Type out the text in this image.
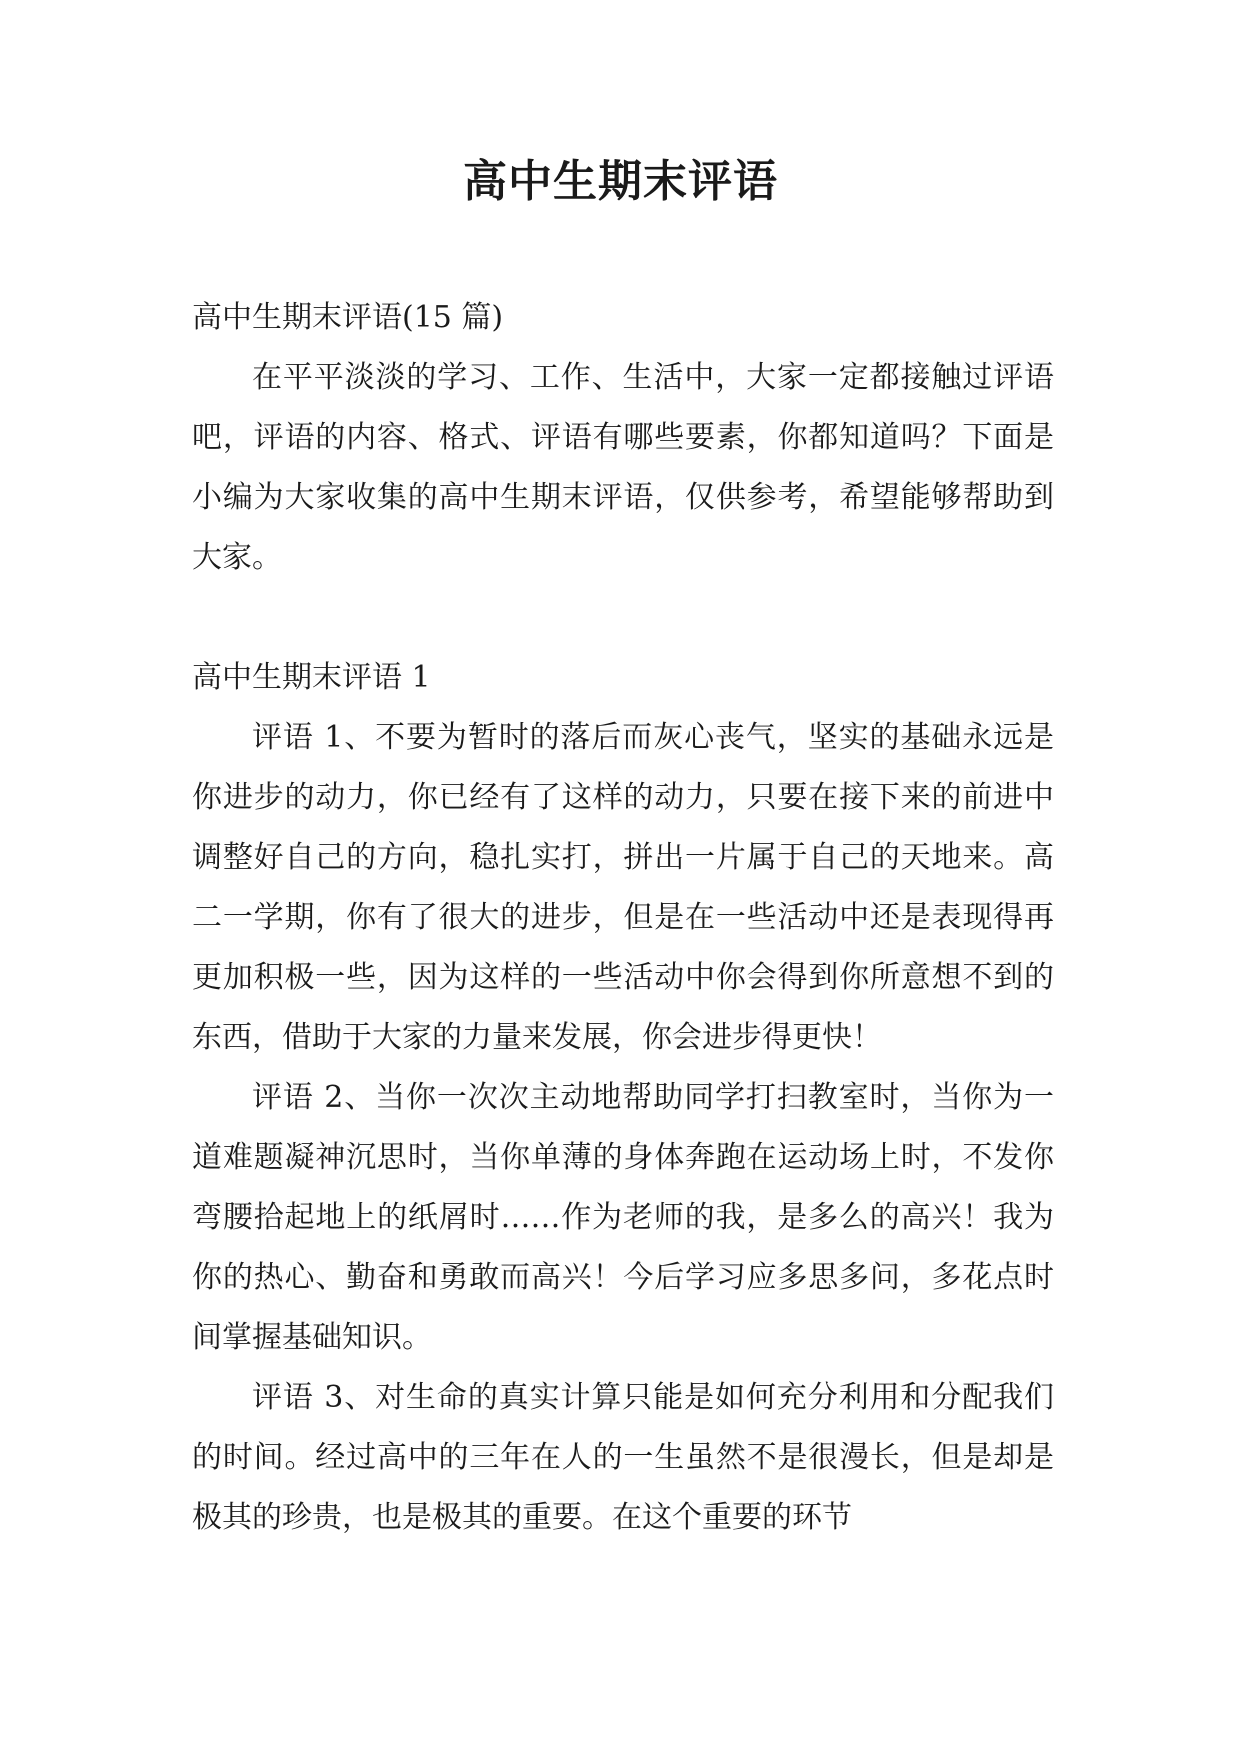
高中生期末评语

高中生期末评语(15 篇)

在平平淡淡的学习、工作、生活中，大家一定都接触过评语吧，评语的内容、格式、评语有哪些要素，你都知道吗？下面是小编为大家收集的高中生期末评语，仅供参考，希望能够帮助到大家。

高中生期末评语 1

评语 1、不要为暂时的落后而灰心丧气，坚实的基础永远是你进步的动力，你已经有了这样的动力，只要在接下来的前进中调整好自己的方向，稳扎实打，拼出一片属于自己的天地来。高二一学期，你有了很大的进步，但是在一些活动中还是表现得再更加积极一些，因为这样的一些活动中你会得到你所意想不到的东西，借助于大家的力量来发展，你会进步得更快！

评语 2、当你一次次主动地帮助同学打扫教室时，当你为一道难题凝神沉思时，当你单薄的身体奔跑在运动场上时，不发你弯腰拾起地上的纸屑时……作为老师的我，是多么的高兴！我为你的热心、勤奋和勇敢而高兴！今后学习应多思多问，多花点时间掌握基础知识。

评语 3、对生命的真实计算只能是如何充分利用和分配我们的时间。经过高中的三年在人的一生虽然不是很漫长，但是却是极其的珍贵，也是极其的重要。在这个重要的环节
